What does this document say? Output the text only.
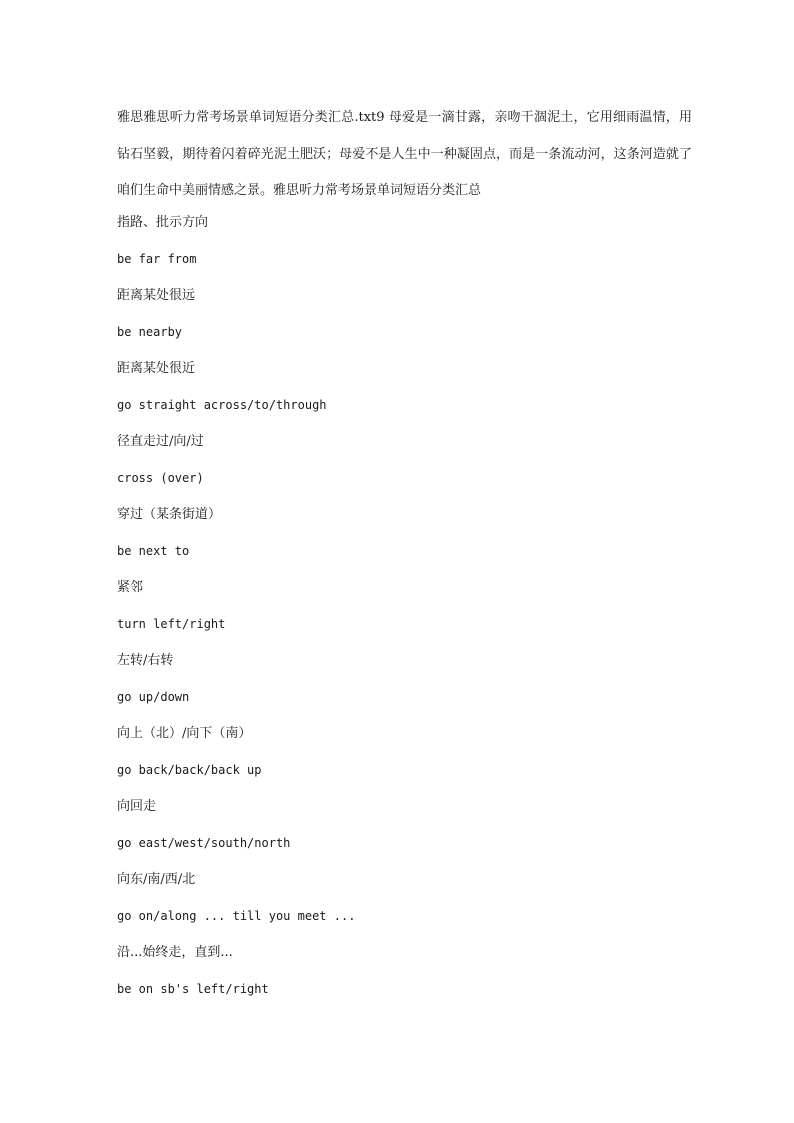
雅思雅思听力常考场景单词短语分类汇总.txt9 母爱是一滴甘露，亲吻干涸泥土，它用细雨温情，用钻石坚毅，期待着闪着碎光泥土肥沃；母爱不是人生中一种凝固点，而是一条流动河，这条河造就了咱们生命中美丽情感之景。雅思听力常考场景单词短语分类汇总

指路、批示方向
be far from
距离某处很远
be nearby
距离某处很近
go straight across/to/through
径直走过/向/过
cross (over)
穿过（某条街道）
be next to
紧邻
turn left/right
左转/右转
go up/down
向上（北）/向下（南）
go back/back/back up
向回走
go east/west/south/north
向东/南/西/北
go on/along ... till you meet ...
沿...始终走，直到...
be on sb's left/right
